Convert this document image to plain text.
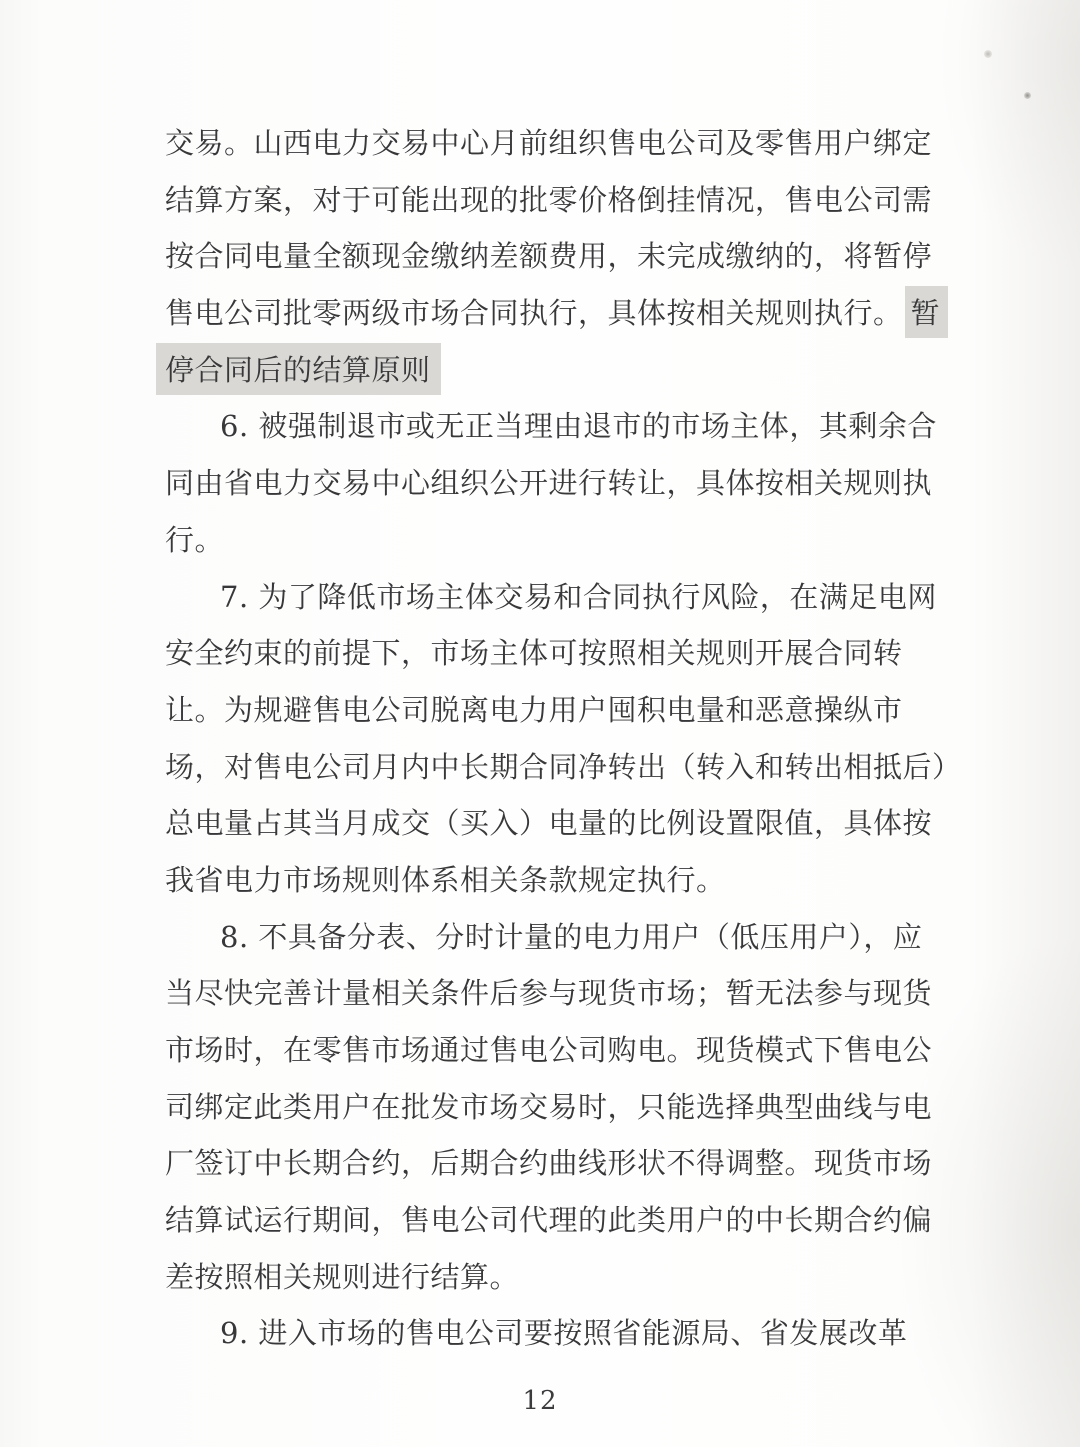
交易。山西电力交易中心月前组织售电公司及零售用户绑定
结算方案，对于可能出现的批零价格倒挂情况，售电公司需
按合同电量全额现金缴纳差额费用，未完成缴纳的，将暂停
售电公司批零两级市场合同执行，具体按相关规则执行。 暂
停合同后的结算原则
6. 被强制退市或无正当理由退市的市场主体，其剩余合
同由省电力交易中心组织公开进行转让，具体按相关规则执
行。
7. 为了降低市场主体交易和合同执行风险，在满足电网
安全约束的前提下，市场主体可按照相关规则开展合同转
让。为规避售电公司脱离电力用户囤积电量和恶意操纵市
场，对售电公司月内中长期合同净转出（转入和转出相抵后）
总电量占其当月成交（买入）电量的比例设置限值，具体按
我省电力市场规则体系相关条款规定执行。
8. 不具备分表、分时计量的电力用户（低压用户），应
当尽快完善计量相关条件后参与现货市场；暂无法参与现货
市场时，在零售市场通过售电公司购电。现货模式下售电公
司绑定此类用户在批发市场交易时，只能选择典型曲线与电
厂签订中长期合约，后期合约曲线形状不得调整。现货市场
结算试运行期间，售电公司代理的此类用户的中长期合约偏
差按照相关规则进行结算。
9. 进入市场的售电公司要按照省能源局、省发展改革
12
